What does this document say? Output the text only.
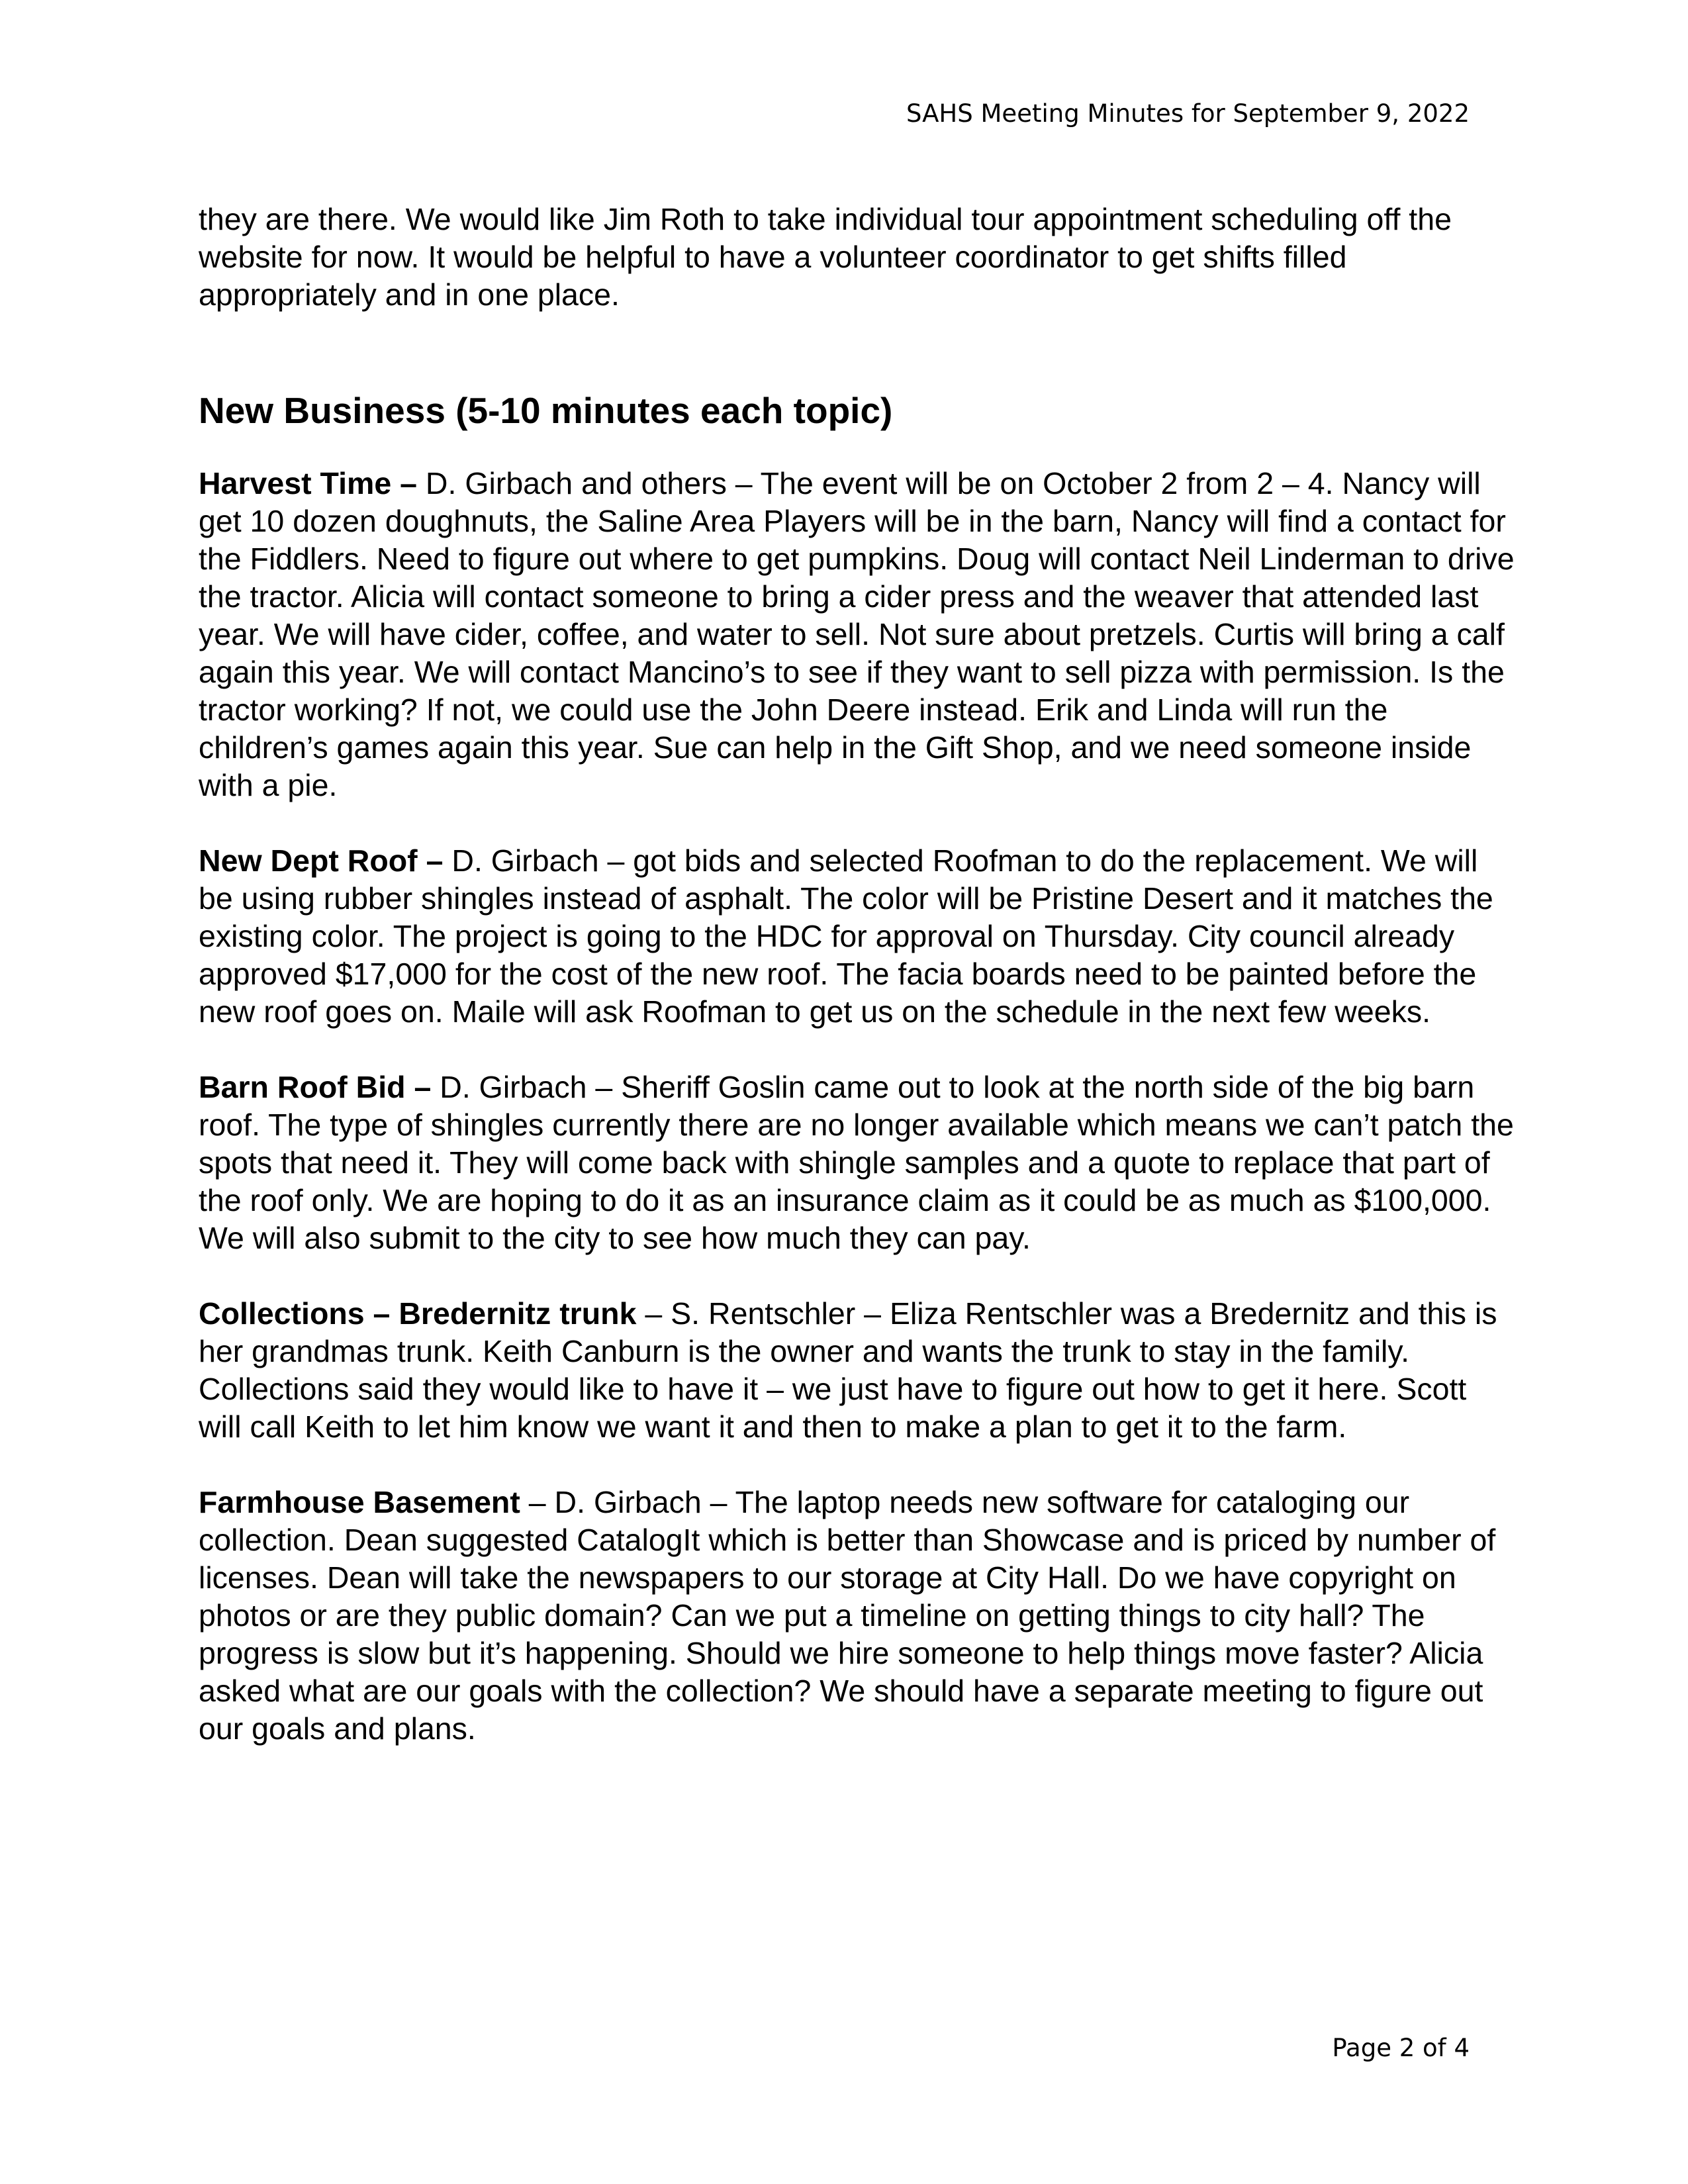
SAHS Meeting Minutes for September 9, 2022

they are there. We would like Jim Roth to take individual tour appointment scheduling off the website for now. It would be helpful to have a volunteer coordinator to get shifts filled appropriately and in one place.

New Business (5-10 minutes each topic)

Harvest Time – D. Girbach and others – The event will be on October 2 from 2 – 4. Nancy will get 10 dozen doughnuts, the Saline Area Players will be in the barn, Nancy will find a contact for the Fiddlers. Need to figure out where to get pumpkins. Doug will contact Neil Linderman to drive the tractor. Alicia will contact someone to bring a cider press and the weaver that attended last year. We will have cider, coffee, and water to sell. Not sure about pretzels. Curtis will bring a calf again this year. We will contact Mancino’s to see if they want to sell pizza with permission. Is the tractor working? If not, we could use the John Deere instead. Erik and Linda will run the children’s games again this year. Sue can help in the Gift Shop, and we need someone inside with a pie.

New Dept Roof – D. Girbach – got bids and selected Roofman to do the replacement. We will be using rubber shingles instead of asphalt. The color will be Pristine Desert and it matches the existing color. The project is going to the HDC for approval on Thursday. City council already approved $17,000 for the cost of the new roof. The facia boards need to be painted before the new roof goes on. Maile will ask Roofman to get us on the schedule in the next few weeks.

Barn Roof Bid – D. Girbach – Sheriff Goslin came out to look at the north side of the big barn roof. The type of shingles currently there are no longer available which means we can’t patch the spots that need it. They will come back with shingle samples and a quote to replace that part of the roof only. We are hoping to do it as an insurance claim as it could be as much as $100,000. We will also submit to the city to see how much they can pay.

Collections – Bredernitz trunk – S. Rentschler – Eliza Rentschler was a Bredernitz and this is her grandmas trunk. Keith Canburn is the owner and wants the trunk to stay in the family. Collections said they would like to have it – we just have to figure out how to get it here. Scott will call Keith to let him know we want it and then to make a plan to get it to the farm.

Farmhouse Basement – D. Girbach – The laptop needs new software for cataloging our collection. Dean suggested CatalogIt which is better than Showcase and is priced by number of licenses. Dean will take the newspapers to our storage at City Hall. Do we have copyright on photos or are they public domain? Can we put a timeline on getting things to city hall? The progress is slow but it’s happening. Should we hire someone to help things move faster? Alicia asked what are our goals with the collection? We should have a separate meeting to figure out our goals and plans.

Page 2 of 4
